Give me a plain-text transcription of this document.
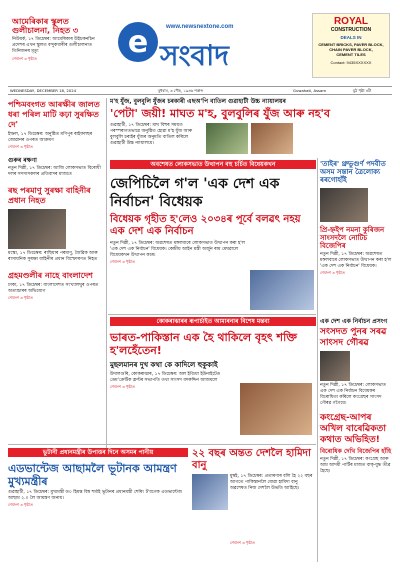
আমেৰিকাৰ স্কুলত গুলীচালনা, নিহত ৩
নিউয়ৰ্ক, ১৭ ডিচেম্বৰ: আমেৰিকাৰ উইচকনচিন প্ৰদেশৰ এখন স্কুলত বন্দুকধাৰীৰ গুলীচালনাত তিনিজনৰ মৃত্যু
শেষাংশ ৩ পৃষ্ঠাত	e	www.newsnextone.com
সংবাদ
ROYAL
CONSTRUCTION
DEALS IN
CEMENT BRICKS, PAVER BLOCK,
CHAIN PAVER BLOCK,
CEMENT TILES
Contact: 9435XXXXXX
WEDNESDAY, DECEMBER 18, 2024	বুধবাৰ, ৩ পৌহ, ১৯৪৬ শকাব্দ	Guwahati, Assam	মুঠ পৃষ্ঠা ৪টা
ম'হ যুঁজ, বুলবুলি যুঁজৰ চৰকাৰী এছঅ'পি বাতিল গুৱাহাটী উচ্চ ন্যায়ালয়ৰ
'পেটা' জয়ী! মাঘত ম'হ, বুলবুলিৰ যুঁজ আৰু নহ'ব
গুৱাহাটী, ১৭ ডিচেম্বৰ: মাঘ বিহুৰ সময়ত পৰম্পৰাগতভাৱে অনুষ্ঠিত হোৱা ম'হ যুঁজ আৰু বুলবুলি চৰাইৰ যুঁজৰ অনুমতি বাতিল কৰিলে গুৱাহাটী উচ্চ ন্যায়ালয়ে।
পশ্চিমবংগত আৰক্ষীৰ জালত ধৰা পৰিল মাটি কঢ়া সুৰক্ষিত দে'
ইম্ফল, ১৭ ডিচেম্বৰ: অনুষ্ঠিত মণিপুৰ ৰাইফলছৰ জোৱানৰ ওপৰত আক্ৰমণ
শেষাংশ ৩ পৃষ্ঠাত
গুৰুৰ ৰক্ষণা
নতুন দিল্লী, ১৭ ডিচেম্বৰ: আজি লোকসভাত বিৰোধী দলৰ সদস্যসকলৰ প্ৰতিবাদৰ মাজতে
ৰছ পৰমাণু সুৰক্ষা বাহিনীৰ প্ৰধান নিহত
মস্কো, ১৭ ডিচেম্বৰ: ৰাছিয়াৰ পৰমাণু, জৈৱিক আৰু ৰাসায়নিক সুৰক্ষা বাহিনীৰ প্ৰধান বিস্ফোৰণত নিহত
গ্ৰহমণ্ডলীৰ নাহে বাংলাদেশ
ঢাকা, ১৭ ডিচেম্বৰ: বাংলাদেশত সংখ্যালঘুৰ ওপৰত অত্যাচাৰৰ অভিযোগ
শেষাংশ ৩ পৃষ্ঠাত
অবশেষত লোকসভাত উত্থাপন বহু চৰ্চিত বিধেয়কখন
জেপিচিলৈ গ'ল 'এক দেশ এক নিৰ্বাচন' বিধেয়ক
বিধেয়ক গৃহীত হ'লেও ২০৩৪ৰ পূৰ্বে বলৱৎ নহয় এক দেশ এক নিৰ্বাচন
নতুন দিল্লী, ১৭ ডিচেম্বৰ: অৱশেষত মঙ্গলবাৰে লোকসভাত উত্থাপন কৰা হ'ল 'এক দেশ এক নিৰ্বাচন' বিধেয়ক। কেন্দ্ৰীয় আইন মন্ত্ৰী অৰ্জুন ৰাম মেঘৱালে বিধেয়কখন উত্থাপন কৰে।
শেষাংশ ৩ পৃষ্ঠাত
'তাইৰ' থ্ৰুভুগুৰ্ণ পদবীত অসম সন্তান ত্ৰৈলোক্য ৰৰগোহাঁই
প্ৰি-হ্নইপ নমনা কুৰিজন সাংসদলৈ নোটিচ বিজেপিৰ
নতুন দিল্লী, ১৭ ডিচেম্বৰ: অৱশেষত মঙ্গলবাৰে লোকসভাত উত্থাপন কৰা হ'ল 'এক দেশ এক নিৰ্বাচন' বিধেয়ক।
শেষাংশ ৩ পৃষ্ঠাত
কোকৰাঝাৰৰ ৰূপাৰ্চাইত আমাৰনাৰ বিশেষ মন্তব্য
ভাৰত-পাকিস্তান এক হৈ থাকিলে বৃহৎ শক্তি হ'লহেঁতেন!
মুছলমানৰ দুখ কথা কে কাদিলে হুকুকাই
উদালগুৰি, কোকৰাঝাৰ, ১৭ ডিচেম্বৰ: অল ইণ্ডিয়া ইউনাইটেড ডেম'ক্ৰেটিক ফ্ৰণ্টৰ সভাপতি তথা সাংসদ বদৰুদ্দিন আজমলে
শেষাংশ ৩ পৃষ্ঠাত
এক দেশ এক নিৰ্বাচন প্ৰসংগ
সংসদত পুনৰ সৰৱ সাংসদ গৌৰৱ
নতুন দিল্লী, ১৭ ডিচেম্বৰ: লোকসভাত এক দেশ এক নিৰ্বাচন বিধেয়কৰ বিৰোধিতা কৰিলে কংগ্ৰেছৰ সাংসদ গৌৰৱ গগৈয়ে।
কংগ্ৰেছ-আপৰ অখিল বাৰেৱিকতা কথাত অভিহিত!
বিৰোধিক দেখি বিজেপিৰ হাঁহি
নতুন দিল্লী, ১৭ ডিচেম্বৰ: কংগ্ৰেছ আৰু আম আদমী পাৰ্টিৰ মাজত বাক্-যুদ্ধ তীব্ৰ হৈছে।
ভুটানী প্ৰধানমন্ত্ৰীৰ উপাত্তৰ দিনে অসমৰ পানীয়
এডভান্টেজ আছামলৈ ভূটানক আমন্ত্ৰণ মুখ্যমন্ত্ৰীৰ
গুৱাহাটী, ১৭ ডিচেম্বৰ: মুখ্যমন্ত্ৰী ড০ হিমন্ত বিশ্ব শৰ্মাই ভূটানৰ প্ৰধানমন্ত্ৰী শেৰিং ট'বগেক এডভান্টেজ আছাম ২.০ লৈ আমন্ত্ৰণ জনায়।
শেষাংশ ৩ পৃষ্ঠাত
২২ বছৰ অন্তত দেশলৈ হামিদা বানু
মুম্বই, ১৭ ডিচেম্বৰ: প্ৰতাৰণাৰ বলি হৈ ২২ বছৰ আগতে পাকিস্তানলৈ যোৱা হামিদা বানু অৱশেষত নিজ দেশলৈ উভতি আহিছে।
শেষাংশ ৩ পৃষ্ঠাত
